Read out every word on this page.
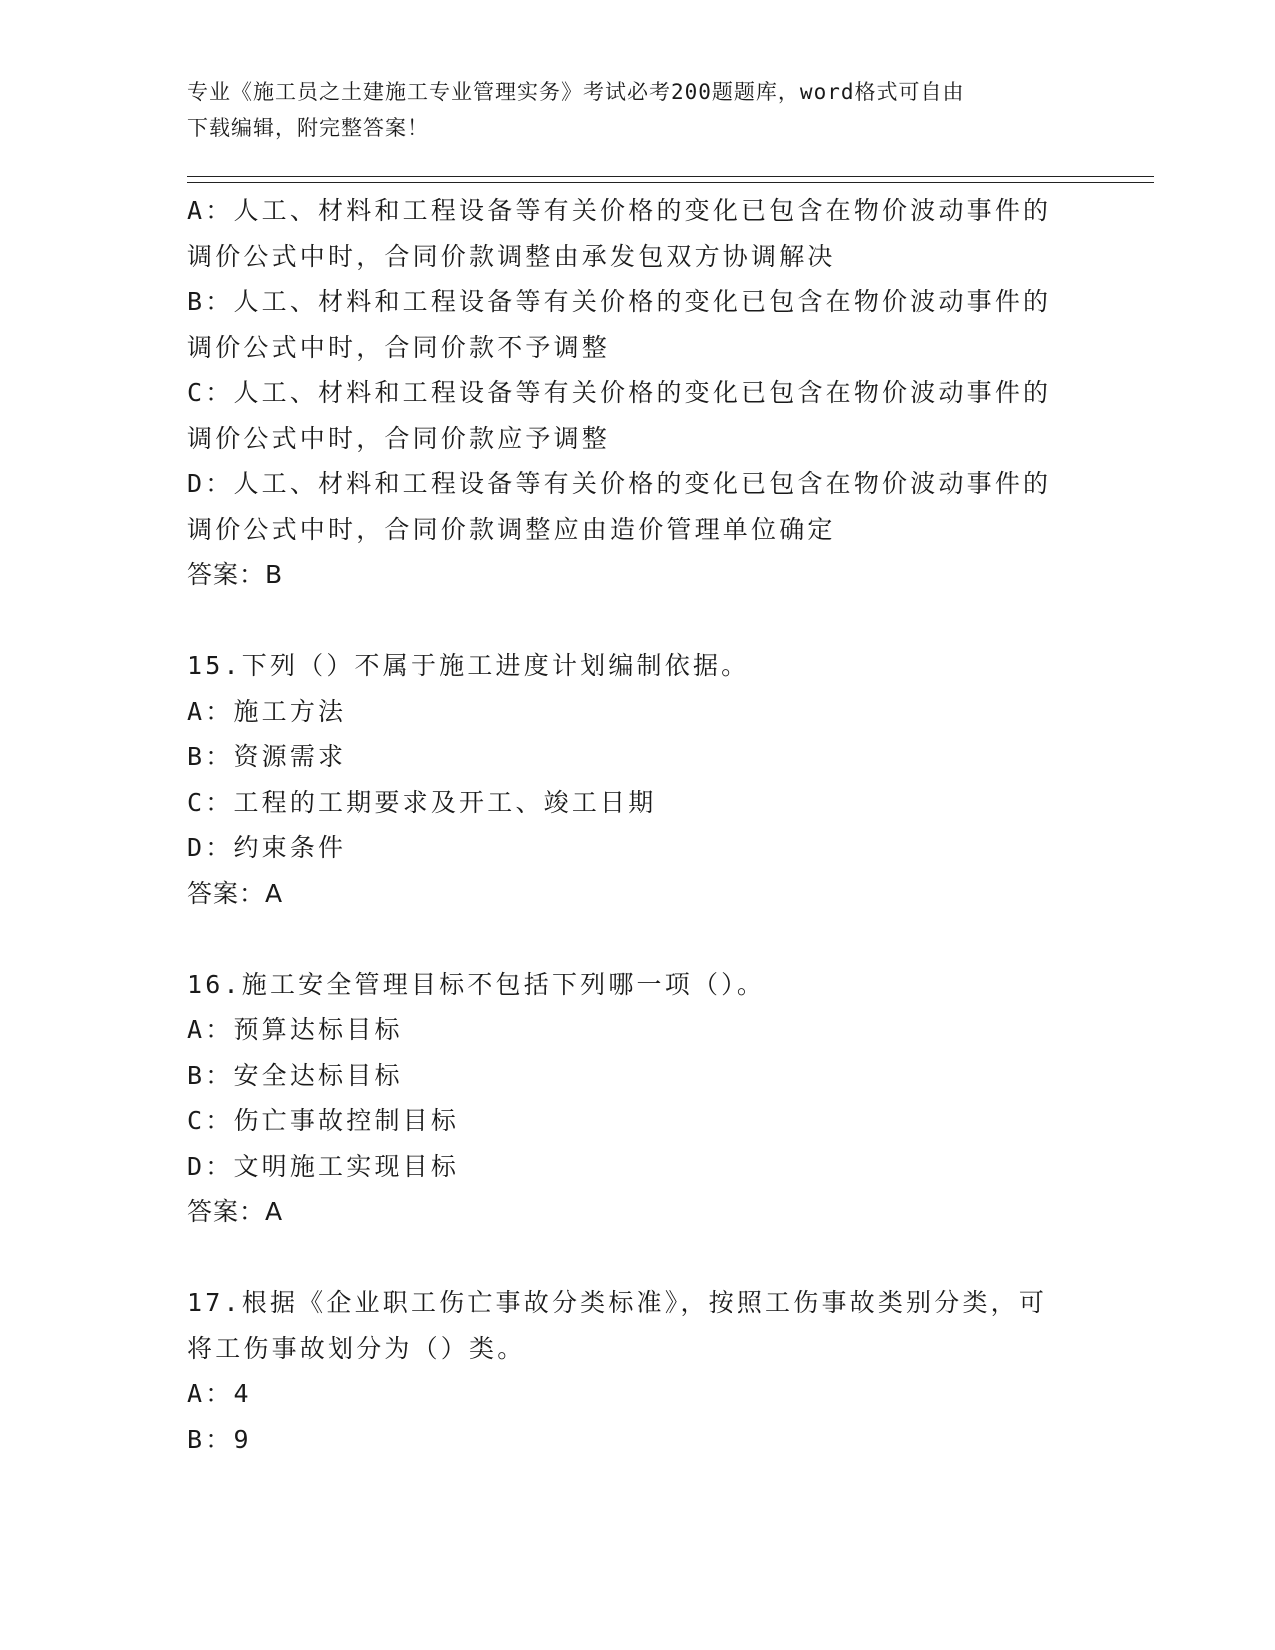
专业《施工员之土建施工专业管理实务》考试必考200题题库，word格式可自由
下载编辑，附完整答案！
A：人工、材料和工程设备等有关价格的变化已包含在物价波动事件的
调价公式中时，合同价款调整由承发包双方协调解决
B：人工、材料和工程设备等有关价格的变化已包含在物价波动事件的
调价公式中时，合同价款不予调整
C：人工、材料和工程设备等有关价格的变化已包含在物价波动事件的
调价公式中时，合同价款应予调整
D：人工、材料和工程设备等有关价格的变化已包含在物价波动事件的
调价公式中时，合同价款调整应由造价管理单位确定
答案：B
15.下列（）不属于施工进度计划编制依据。
A：施工方法
B：资源需求
C：工程的工期要求及开工、竣工日期
D：约束条件
答案：A
16.施工安全管理目标不包括下列哪一项（）。
A：预算达标目标
B：安全达标目标
C：伤亡事故控制目标
D：文明施工实现目标
答案：A
17.根据《企业职工伤亡事故分类标准》，按照工伤事故类别分类，可
将工伤事故划分为（）类。
A：4
B：9
